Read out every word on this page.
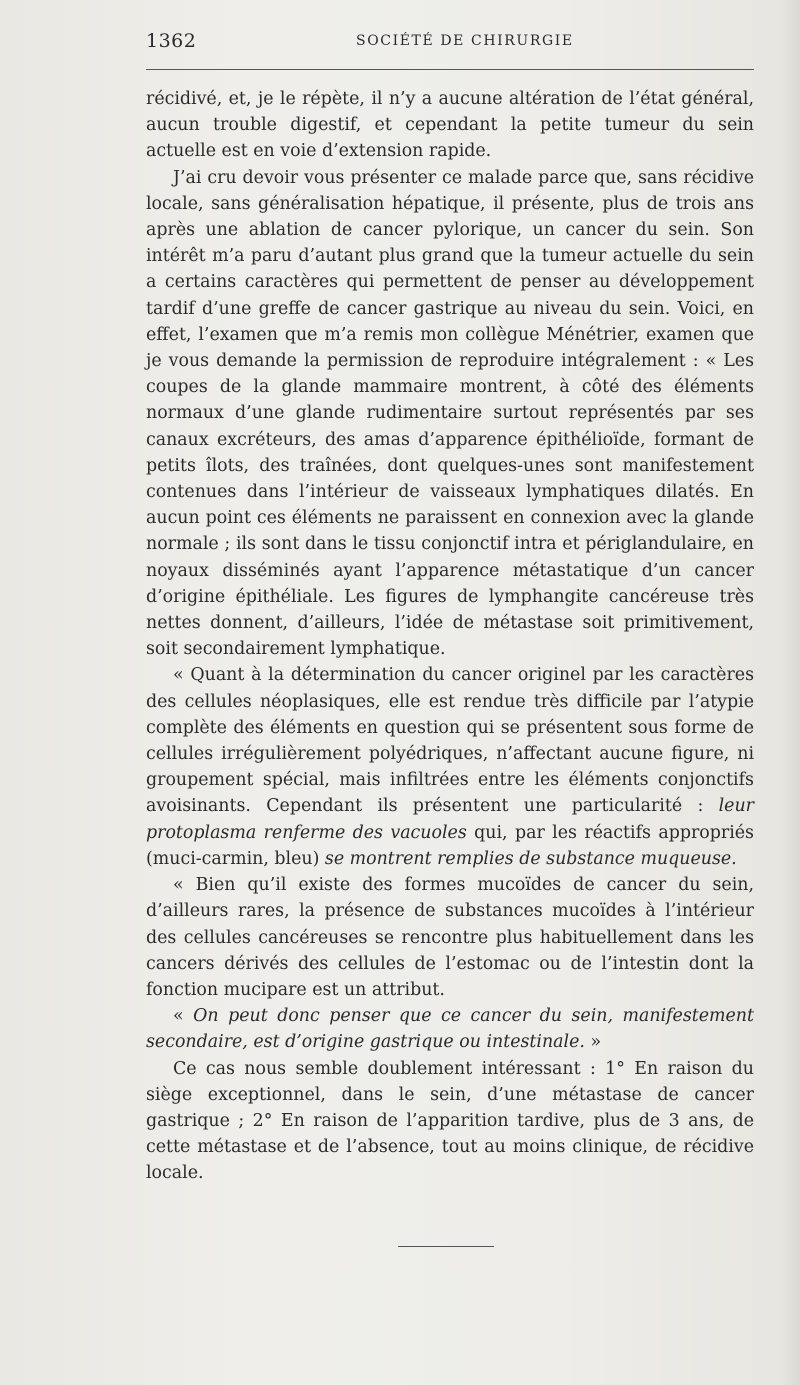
1362	SOCIÉTÉ DE CHIRURGIE

récidivé, et, je le répète, il n’y a aucune altération de l’état général, aucun trouble digestif, et cependant la petite tumeur du sein actuelle est en voie d’extension rapide.

J’ai cru devoir vous présenter ce malade parce que, sans récidive locale, sans généralisation hépatique, il présente, plus de trois ans après une ablation de cancer pylorique, un cancer du sein. Son intérêt m’a paru d’autant plus grand que la tumeur actuelle du sein a certains caractères qui permettent de penser au développement tardif d’une greffe de cancer gastrique au niveau du sein. Voici, en effet, l’examen que m’a remis mon collègue Ménétrier, examen que je vous demande la permission de reproduire intégralement : « Les coupes de la glande mammaire montrent, à côté des éléments normaux d’une glande rudimentaire surtout représentés par ses canaux excréteurs, des amas d’apparence épithélioïde, formant de petits îlots, des traînées, dont quelques-unes sont manifestement contenues dans l’intérieur de vaisseaux lymphatiques dilatés. En aucun point ces éléments ne paraissent en connexion avec la glande normale ; ils sont dans le tissu conjonctif intra et périglandulaire, en noyaux disséminés ayant l’apparence métastatique d’un cancer d’origine épithéliale. Les figures de lymphangite cancéreuse très nettes donnent, d’ailleurs, l’idée de métastase soit primitivement, soit secondairement lymphatique.

« Quant à la détermination du cancer originel par les caractères des cellules néoplasiques, elle est rendue très difficile par l’atypie complète des éléments en question qui se présentent sous forme de cellules irrégulièrement polyédriques, n’affectant aucune figure, ni groupement spécial, mais infiltrées entre les éléments conjonctifs avoisinants. Cependant ils présentent une particularité : leur protoplasma renferme des vacuoles qui, par les réactifs appropriés (muci-carmin, bleu) se montrent remplies de substance muqueuse.

« Bien qu’il existe des formes mucoïdes de cancer du sein, d’ailleurs rares, la présence de substances mucoïdes à l’intérieur des cellules cancéreuses se rencontre plus habituellement dans les cancers dérivés des cellules de l’estomac ou de l’intestin dont la fonction mucipare est un attribut.

« On peut donc penser que ce cancer du sein, manifestement secondaire, est d’origine gastrique ou intestinale. »

Ce cas nous semble doublement intéressant : 1° En raison du siège exceptionnel, dans le sein, d’une métastase de cancer gastrique ; 2° En raison de l’apparition tardive, plus de 3 ans, de cette métastase et de l’absence, tout au moins clinique, de récidive locale.
